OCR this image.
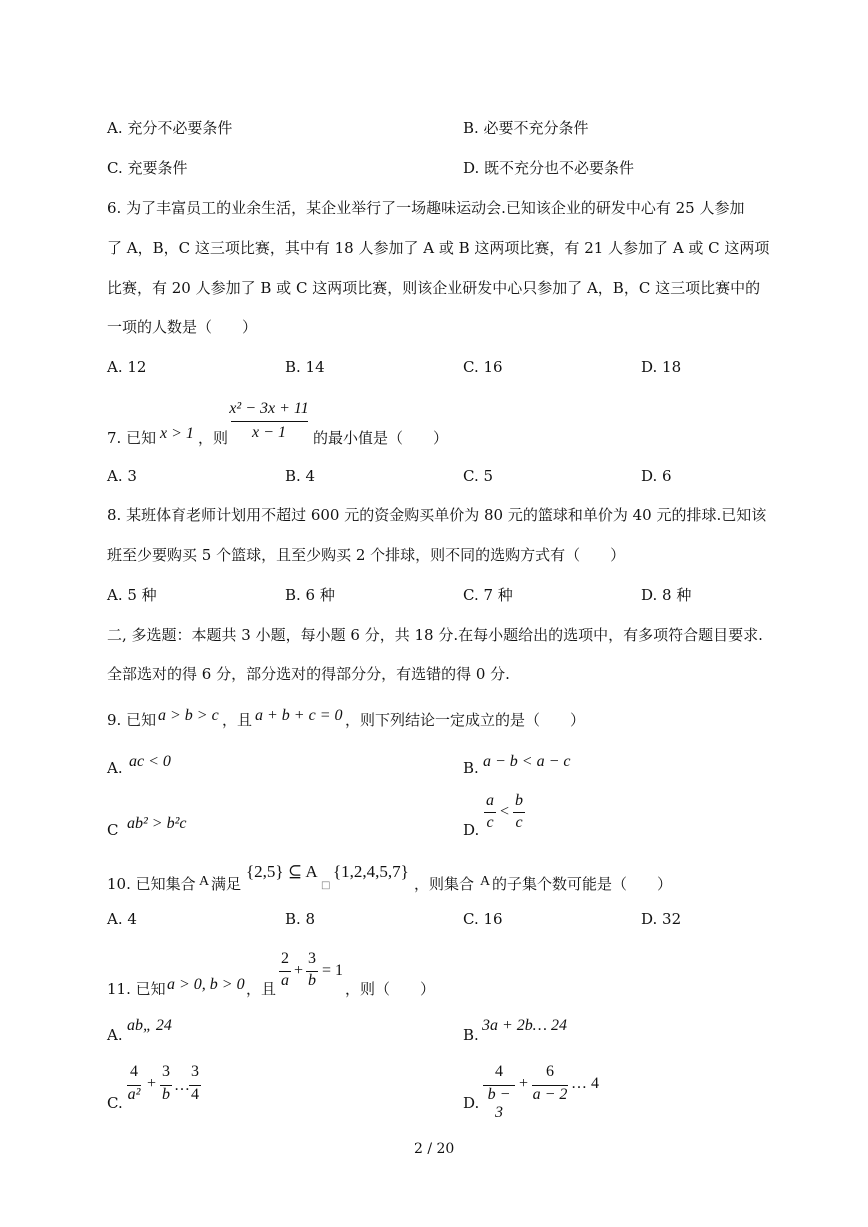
A. 充分不必要条件	B. 必要不充分条件
C. 充要条件	D. 既不充分也不必要条件
6. 为了丰富员工的业余生活，某企业举行了一场趣味运动会.已知该企业的研发中心有 25 人参加
了 A，B，C 这三项比赛，其中有 18 人参加了 A 或 B 这两项比赛，有 21 人参加了 A 或 C 这两项
比赛，有 20 人参加了 B 或 C 这两项比赛，则该企业研发中心只参加了 A，B，C 这三项比赛中的
一项的人数是（　　）
A. 12	B. 14	C. 16	D. 18
7. 已知 x > 1 ，则
x² − 3x + 11
x − 1	的最小值是（　　）
A. 3	B. 4	C. 5	D. 6
8. 某班体育老师计划用不超过 600 元的资金购买单价为 80 元的篮球和单价为 40 元的排球.已知该
班至少要购买 5 个篮球，且至少购买 2 个排球，则不同的选购方式有（　　）
A. 5 种	B. 6 种	C. 7 种	D. 8 种
二, 多选题：本题共 3 小题，每小题 6 分，共 18 分.在每小题给出的选项中，有多项符合题目要求.
全部选对的得 6 分，部分选对的得部分分，有选错的得 0 分.
9. 已知 a > b > c ，且 a + b + c = 0 ，则下列结论一定成立的是（　　）
A. ac < 0	B. a − b < a − c
C ab² > b²c	D.
a
c
<
b
c
10. 已知集合 A 满足
{2,5} ⊆ A
□
{1,2,4,5,7}
，则集合 A 的子集个数可能是（　　）
A. 4	B. 8	C. 16	D. 32
11. 已知 a > 0, b > 0 ，且
2
a
+
3
b
= 1
，则（　　）
A.
ab„ 24
B.
3a + 2b… 24
C.
4
a²
+
3
b
…
3
4	D.
4
b − 3
+
6
a − 2
… 4
2 / 20
